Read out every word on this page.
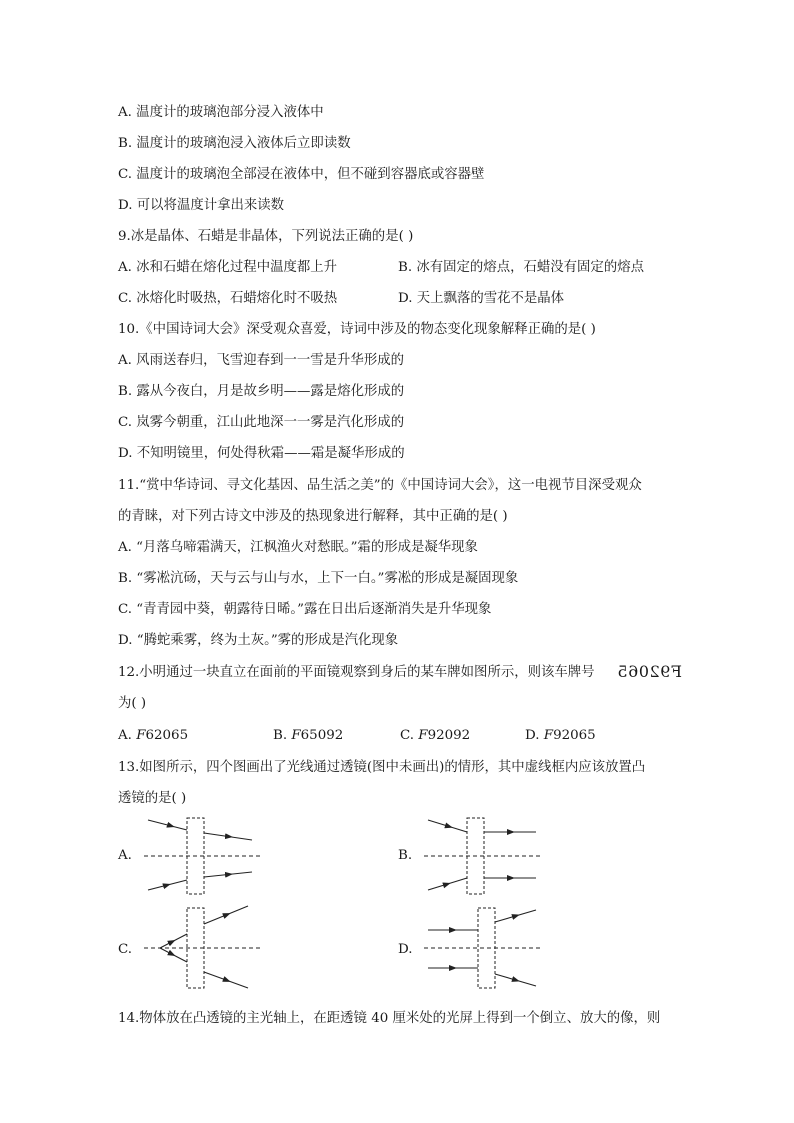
A. 温度计的玻璃泡部分浸入液体中
B. 温度计的玻璃泡浸入液体后立即读数
C. 温度计的玻璃泡全部浸在液体中，但不碰到容器底或容器壁
D. 可以将温度计拿出来读数
9.冰是晶体、石蜡是非晶体，下列说法正确的是( )
A. 冰和石蜡在熔化过程中温度都上升	B. 冰有固定的熔点，石蜡没有固定的熔点
C. 冰熔化时吸热，石蜡熔化时不吸热	D. 天上飘落的雪花不是晶体
10.《中国诗词大会》深受观众喜爱，诗词中涉及的物态变化现象解释正确的是( )
A. 风雨送春归，飞雪迎春到一一雪是升华形成的
B. 露从今夜白，月是故乡明——露是熔化形成的
C. 岚雾今朝重，江山此地深一一雾是汽化形成的
D. 不知明镜里，何处得秋霜——霜是凝华形成的
11.“赏中华诗词、寻文化基因、品生活之美”的《中国诗词大会》，这一电视节目深受观众
的青睐，对下列古诗文中涉及的热现象进行解释，其中正确的是( )
A. “月落乌啼霜满天，江枫渔火对愁眠。”霜的形成是凝华现象
B. “雾凇沆砀，天与云与山与水，上下一白。”雾凇的形成是凝固现象
C. “青青园中葵，朝露待日晞。”露在日出后逐渐消失是升华现象
D. “腾蛇乘雾，终为土灰。”雾的形成是汽化现象
12.小明通过一块直立在面前的平面镜观察到身后的某车牌如图所示，则该车牌号 F92065
为( )
A. F62065	B. F65092	C. F92092	D. F92065
13.如图所示，四个图画出了光线通过透镜(图中未画出)的情形，其中虚线框内应该放置凸
透镜的是( )
A.	B.
C.	D.
14.物体放在凸透镜的主光轴上，在距透镜 40 厘米处的光屏上得到一个倒立、放大的像，则
